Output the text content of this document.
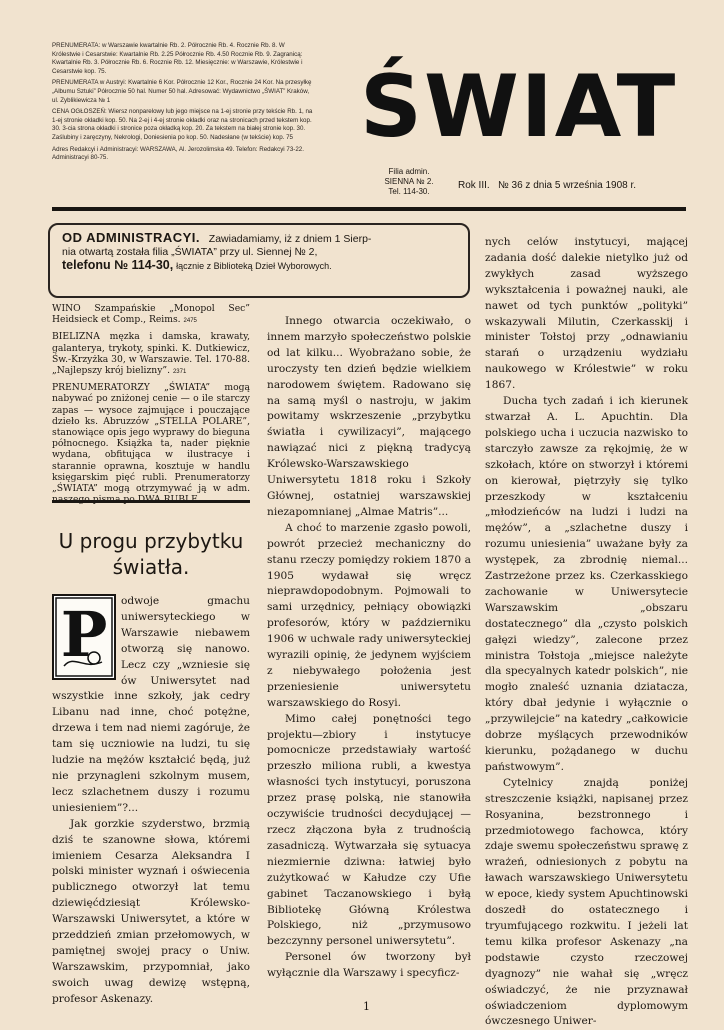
PRENUMERATA: w Warszawie kwartalnie Rb. 2. Półrocznie Rb. 4. Rocznie Rb. 8. W Królestwie i Cesarstwie: Kwartalnie Rb. 2.25 Półrocznie Rb. 4.50 Rocznie Rb. 9. Zagranicą: Kwartalnie Rb. 3. Półrocznie Rb. 6. Rocznie Rb. 12. Miesięcznie: w Warszawie, Królestwie i Cesarstwie kop. 75.

PRENUMERATA w Austryi: Kwartalnie 6 Kor. Półrocznie 12 Kor., Rocznie 24 Kor. Na przesyłkę „Albumu Sztuki” Półrocznie 50 hal. Numer 50 hal. Adresować: Wydawnictwo „ŚWIAT” Kraków, ul. Zyblikiewicza № 1

CENA OGŁOSZEŃ: Wiersz nonparelowy lub jego miejsce na 1-ej stronie przy tekście Rb. 1, na 1-ej stronie okładki kop. 50. Na 2-ej i 4-ej stronie okładki oraz na stronicach przed tekstem kop. 30. 3-cia strona okładki i stronice poza okładką kop. 20. Za tekstem na białej stronie kop. 30. Zaślubiny i zaręczyny, Nekrologi, Doniesienia po kop. 50. Nadesłane (w tekście) kop. 75

Adres Redakcyi i Administracyi: WARSZAWA, Al. Jerozolimska 49. Telefon: Redakcyi 73-22. Administracyi 80-75.

ŚWIAT
Filia admin.
SIENNA № 2.
Tel. 114-30.
Rok III.   № 36 z dnia 5 września 1908 r.
OD ADMINISTRACYI. Zawiadamiamy, iż z dniem 1 Sierp-
nia otwartą została filia „ŚWIATA” przy ul. Siennej № 2,
telefonu № 114-30, łącznie z Biblioteką Dzieł Wyborowych.

WINO Szampańskie „Monopol Sec” Heidsieck et Comp., Reims. 2475

BIELIZNA męzka i damska, krawaty, galanterya, trykoty, spinki. K. Dutkiewicz, Św.-Krzyżka 30, w Warszawie. Tel. 170-88. „Najlepszy krój bielizny”. 2371

PRENUMERATORZY „ŚWIATA” mogą nabywać po zniżonej cenie — o ile starczy zapas — wysoce zajmujące i pouczające dzieło ks. Abruzzów „STELLA POLARE”, stanowiące opis jego wyprawy do bieguna północnego. Książka ta, nader pięknie wydana, obfitująca w ilustracye i starannie oprawna, kosztuje w handlu księgarskim pięć rubli. Prenumeratorzy „ŚWIATA” mogą otrzymywać ją w adm.

U progu przybytku
światła.
P	odwoje gmachu uniwersyteckiego w Warszawie niebawem otworzą się nanowo. Lecz czy „wzniesie się ów Uniwersytet nad wszystkie inne szkoły, jak cedry Libanu nad inne, choć potężne, drzewa i tem nad niemi zagóruje, że tam się uczniowie na ludzi, tu się ludzie na mężów kształcić będą, już nie przynagleni szkolnym musem, lecz szlachetnem duszy i rozumu uniesieniem”?...

Jak gorzkie szyderstwo, brzmią dziś te szanowne słowa, któremi imieniem Cesarza Aleksandra I polski minister wyznań i oświecenia publicznego otworzył lat temu dziewięćdziesiąt Królewsko-Warszawski Uniwersytet, a które w przeddzień zmian przełomowych, w pamiętnej swojej pracy o Uniw. Warszawskim, przypomniał, jako swoich uwag dewizę wstępną, profesor Askenazy.

Innego otwarcia oczekiwało, o innem marzyło społeczeństwo polskie od lat kilku... Wyobrażano sobie, że uroczysty ten dzień będzie wielkiem narodowem świętem. Radowano się na samą myśl o nastroju, w jakim powitamy wskrzeszenie „przybytku światła i cywilizacyi”, mającego nawiązać nici z piękną tradycyą Królewsko-Warszawskiego Uniwersytetu 1818 roku i Szkoły Głównej, ostatniej warszawskiej niezapomnianej „Almae Matris”...

A choć to marzenie zgasło powoli, powrót przecież mechaniczny do stanu rzeczy pomiędzy rokiem 1870 a 1905 wydawał się wręcz nieprawdopodobnym. Pojmowali to sami urzędnicy, pełniący obowiązki profesorów, który w październiku 1906 w uchwale rady uniwersyteckiej wyrazili opinię, że jedynem wyjściem z niebywałego położenia jest przeniesienie uniwersytetu warszawskiego do Rosyi.

Mimo całej ponętności tego projektu—zbiory i instytucye pomocnicze przedstawiały wartość przeszło miliona rubli, a kwestya własności tych instytucyi, poruszona przez prasę polską, nie stanowiła oczywiście trudności decydującej — rzecz złączona była z trudnością zasadniczą. Wytwarzała się sytuacya niezmiernie dziwna: łatwiej było zużytkować w Kałudze czy Ufie gabinet Taczanowskiego i byłą Bibliotekę Główną Królestwa Polskiego, niż „przymusowo bezczynny personel uniwersytetu”.

Personel ów tworzony był wyłącznie dla Warszawy i specyficz-

nych celów instytucyi, mającej zadania dość dalekie nietylko już od zwykłych zasad wyższego wykształcenia i poważnej nauki, ale nawet od tych punktów „polityki” wskazywali Milutin, Czerkasskij i minister Tołstoj przy „odnawianiu starań o urządzeniu wydziału naukowego w Królestwie” w roku 1867.

Ducha tych zadań i ich kierunek stwarzał A. L. Apuchtin. Dla polskiego ucha i uczucia nazwisko to starczyło zawsze za rękojmię, że w szkołach, które on stworzył i któremi on kierował, piętrzyły się tylko przeszkody w kształceniu „młodzieńców na ludzi i ludzi na mężów”, a „szlachetne duszy i rozumu uniesienia” uważane były za występek, za zbrodnię niemal... Zastrzeżone przez ks. Czerkasskiego zachowanie w Uniwersytecie Warszawskim „obszaru dostatecznego” dla „czysto polskich gałęzi wiedzy”, zalecone przez ministra Tołstoja „miejsce należyte dla specyalnych katedr polskich”, nie mogło znaleść uznania dziatacza, który dbał jedynie i wyłącznie o „przywilejcie” na katedry „całkowicie dobrze myślących przewodników kierunku, pożądanego w duchu państwowym”.

Cytelnicy znajdą poniżej streszczenie książki, napisanej przez Rosyanina, bezstronnego i przedmiotowego fachowca, który zdaje swemu społeczeństwu sprawę z wrażeń, odniesionych z pobytu na ławach warszawskiego Uniwersytetu w epoce, kiedy system Apuchtinowski doszedł do ostatecznego i tryumfującego rozkwitu. I jeżeli lat temu kilka profesor Askenazy „na podstawie czysto rzeczowej dyagnozy” nie wahał się „wręcz oświadczyć, że nie przyznawał oświadczeniom dyplomowym ówczesnego Uniwer-

1
